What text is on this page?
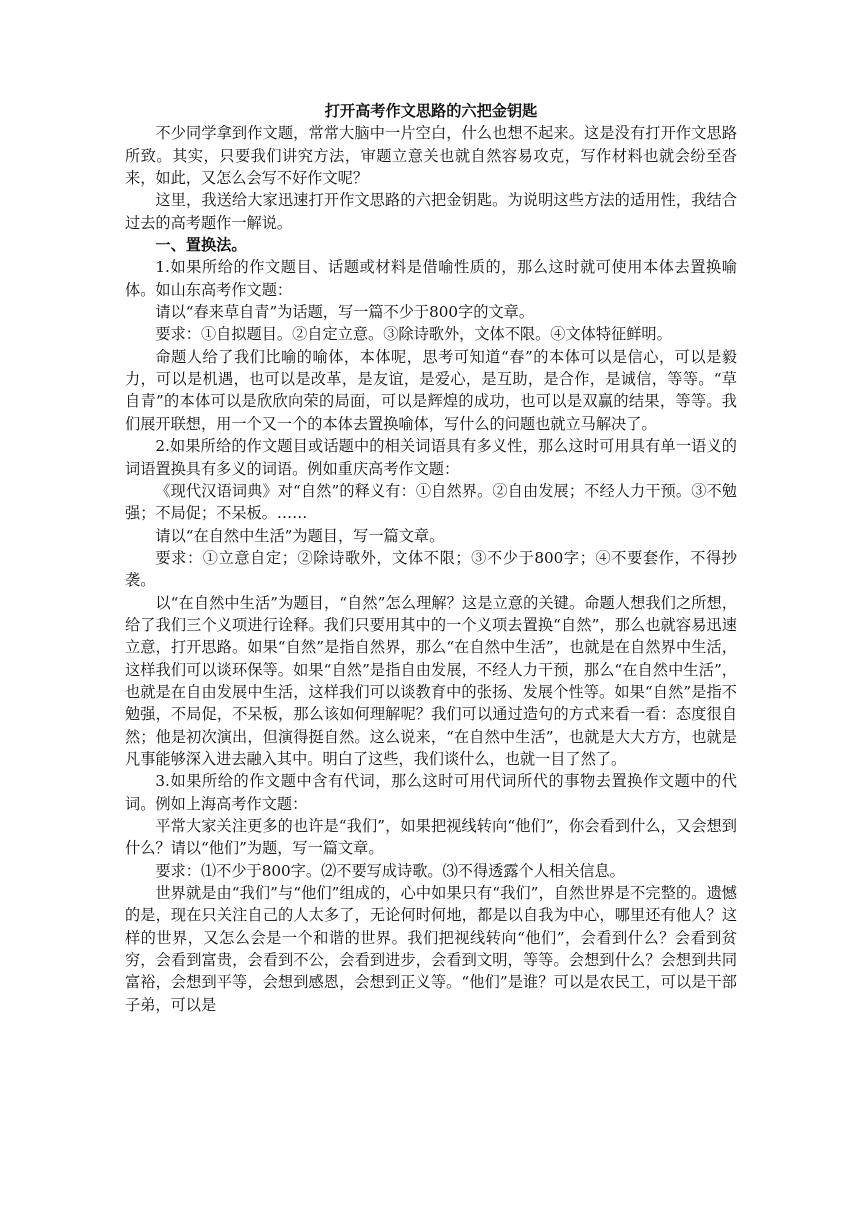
打开高考作文思路的六把金钥匙

不少同学拿到作文题，常常大脑中一片空白，什么也想不起来。这是没有打开作文思路所致。其实，只要我们讲究方法，审题立意关也就自然容易攻克，写作材料也就会纷至沓来，如此，又怎么会写不好作文呢？

这里，我送给大家迅速打开作文思路的六把金钥匙。为说明这些方法的适用性，我结合过去的高考题作一解说。

一、置换法。

1.如果所给的作文题目、话题或材料是借喻性质的，那么这时就可使用本体去置换喻体。如山东高考作文题：

请以“春来草自青”为话题，写一篇不少于800字的文章。

要求：①自拟题目。②自定立意。③除诗歌外，文体不限。④文体特征鲜明。

命题人给了我们比喻的喻体，本体呢，思考可知道“春”的本体可以是信心，可以是毅力，可以是机遇，也可以是改革，是友谊，是爱心，是互助，是合作，是诚信，等等。“草自青”的本体可以是欣欣向荣的局面，可以是辉煌的成功，也可以是双赢的结果，等等。我们展开联想，用一个又一个的本体去置换喻体，写什么的问题也就立马解决了。

2.如果所给的作文题目或话题中的相关词语具有多义性，那么这时可用具有单一语义的词语置换具有多义的词语。例如重庆高考作文题：

《现代汉语词典》对“自然”的释义有：①自然界。②自由发展；不经人力干预。③不勉强；不局促；不呆板。……

请以“在自然中生活”为题目，写一篇文章。

要求：①立意自定；②除诗歌外，文体不限；③不少于800字；④不要套作，不得抄袭。

以“在自然中生活”为题目，“自然”怎么理解？这是立意的关键。命题人想我们之所想，给了我们三个义项进行诠释。我们只要用其中的一个义项去置换“自然”，那么也就容易迅速立意，打开思路。如果“自然”是指自然界，那么“在自然中生活”，也就是在自然界中生活，这样我们可以谈环保等。如果“自然”是指自由发展，不经人力干预，那么“在自然中生活”，也就是在自由发展中生活，这样我们可以谈教育中的张扬、发展个性等。如果“自然”是指不勉强，不局促，不呆板，那么该如何理解呢？我们可以通过造句的方式来看一看：态度很自然；他是初次演出，但演得挺自然。这么说来，“在自然中生活”，也就是大大方方，也就是凡事能够深入进去融入其中。明白了这些，我们谈什么，也就一目了然了。

3.如果所给的作文题中含有代词，那么这时可用代词所代的事物去置换作文题中的代词。例如上海高考作文题：

平常大家关注更多的也许是“我们”，如果把视线转向“他们”，你会看到什么，又会想到什么？请以“他们”为题，写一篇文章。

要求：⑴不少于800字。⑵不要写成诗歌。⑶不得透露个人相关信息。

世界就是由“我们”与“他们”组成的，心中如果只有“我们”，自然世界是不完整的。遗憾的是，现在只关注自己的人太多了，无论何时何地，都是以自我为中心，哪里还有他人？这样的世界，又怎么会是一个和谐的世界。我们把视线转向“他们”，会看到什么？会看到贫穷，会看到富贵，会看到不公，会看到进步，会看到文明，等等。会想到什么？会想到共同富裕，会想到平等，会想到感恩，会想到正义等。“他们”是谁？可以是农民工，可以是干部子弟，可以是
